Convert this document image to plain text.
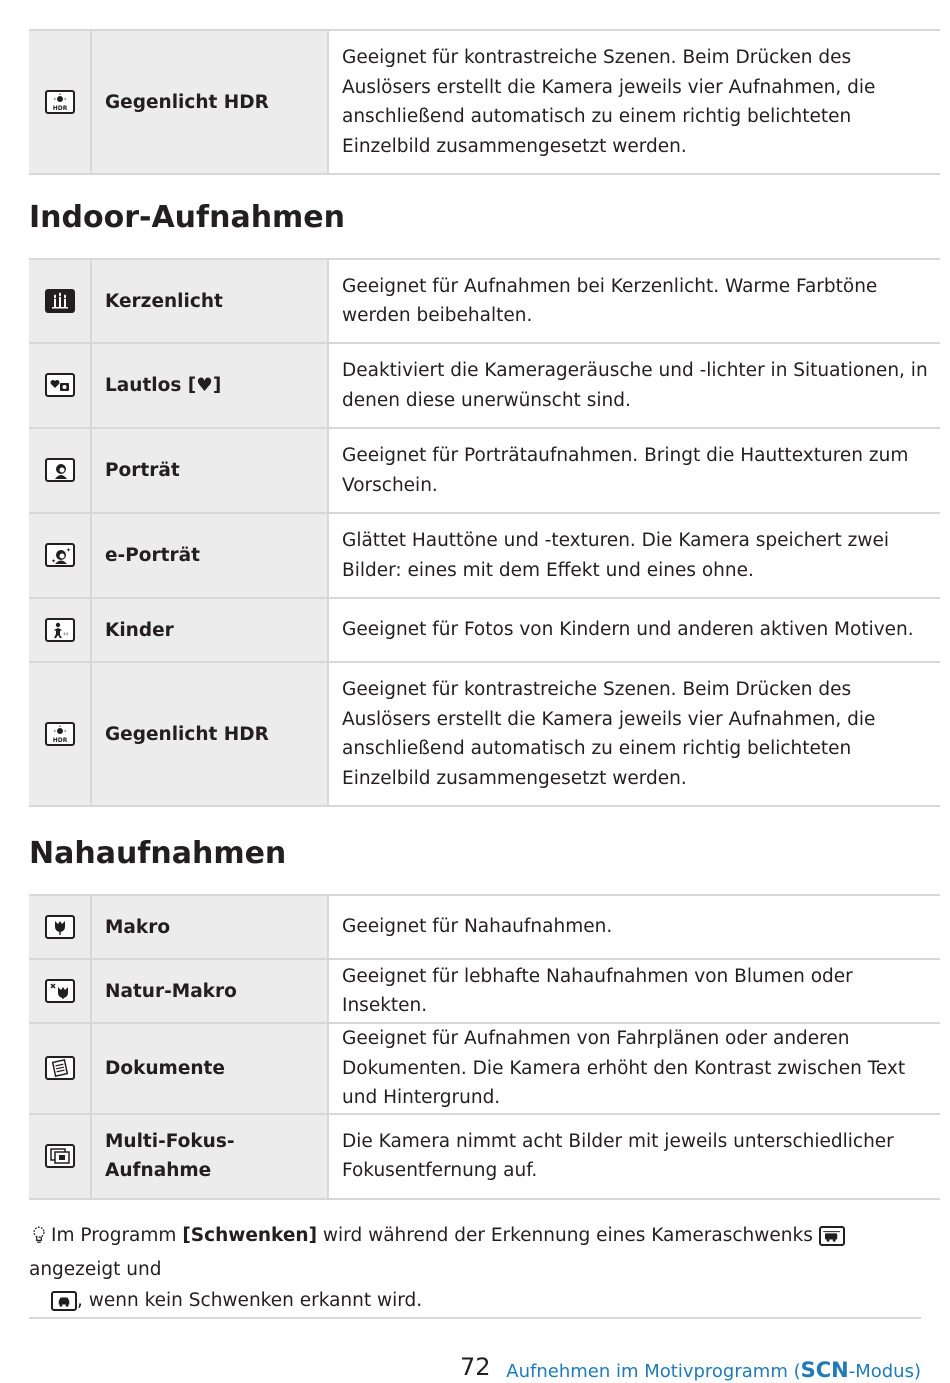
HDR	Gegenlicht HDR	Geeignet für kontrastreiche Szenen. Beim Drücken des Auslösers erstellt die Kamera jeweils vier Aufnahmen, die anschließend automatisch zu einem richtig belichteten Einzelbild zusammengesetzt werden.
Indoor-Aufnahmen
	Kerzenlicht	Geeignet für Aufnahmen bei Kerzenlicht. Warme Farbtöne werden beibehalten.

	Lautlos [♥]	Deaktiviert die Kamerageräusche und -lichter in Situationen, in denen diese unerwünscht sind.

	Porträt	Geeignet für Porträtaufnahmen. Bringt die Hauttexturen zum Vorschein.

✦
✦	e-Porträt	Glättet Hauttöne und -texturen. Die Kamera speichert zwei Bilder: eines mit dem Effekt und eines ohne.

‹‹	Kinder	Geeignet für Fotos von Kindern und anderen aktiven Motiven.

HDR	Gegenlicht HDR	Geeignet für kontrastreiche Szenen. Beim Drücken des Auslösers erstellt die Kamera jeweils vier Aufnahmen, die anschließend automatisch zu einem richtig belichteten Einzelbild zusammengesetzt werden.
Nahaufnahmen
	Makro	Geeignet für Nahaufnahmen.

	Natur-Makro	Geeignet für lebhafte Nahaufnahmen von Blumen oder Insekten.

	Dokumente	Geeignet für Aufnahmen von Fahrplänen oder anderen Dokumenten. Die Kamera erhöht den Kontrast zwischen Text und Hintergrund.

	Multi-Fokus-Aufnahme	Die Kamera nimmt acht Bilder mit jeweils unterschiedlicher Fokusentfernung auf.
Im Programm [Schwenken] wird während der Erkennung eines Kameraschwenks
angezeigt und

, wenn kein Schwenken erkannt wird.
72 Aufnehmen im Motivprogramm (SCN-Modus)
